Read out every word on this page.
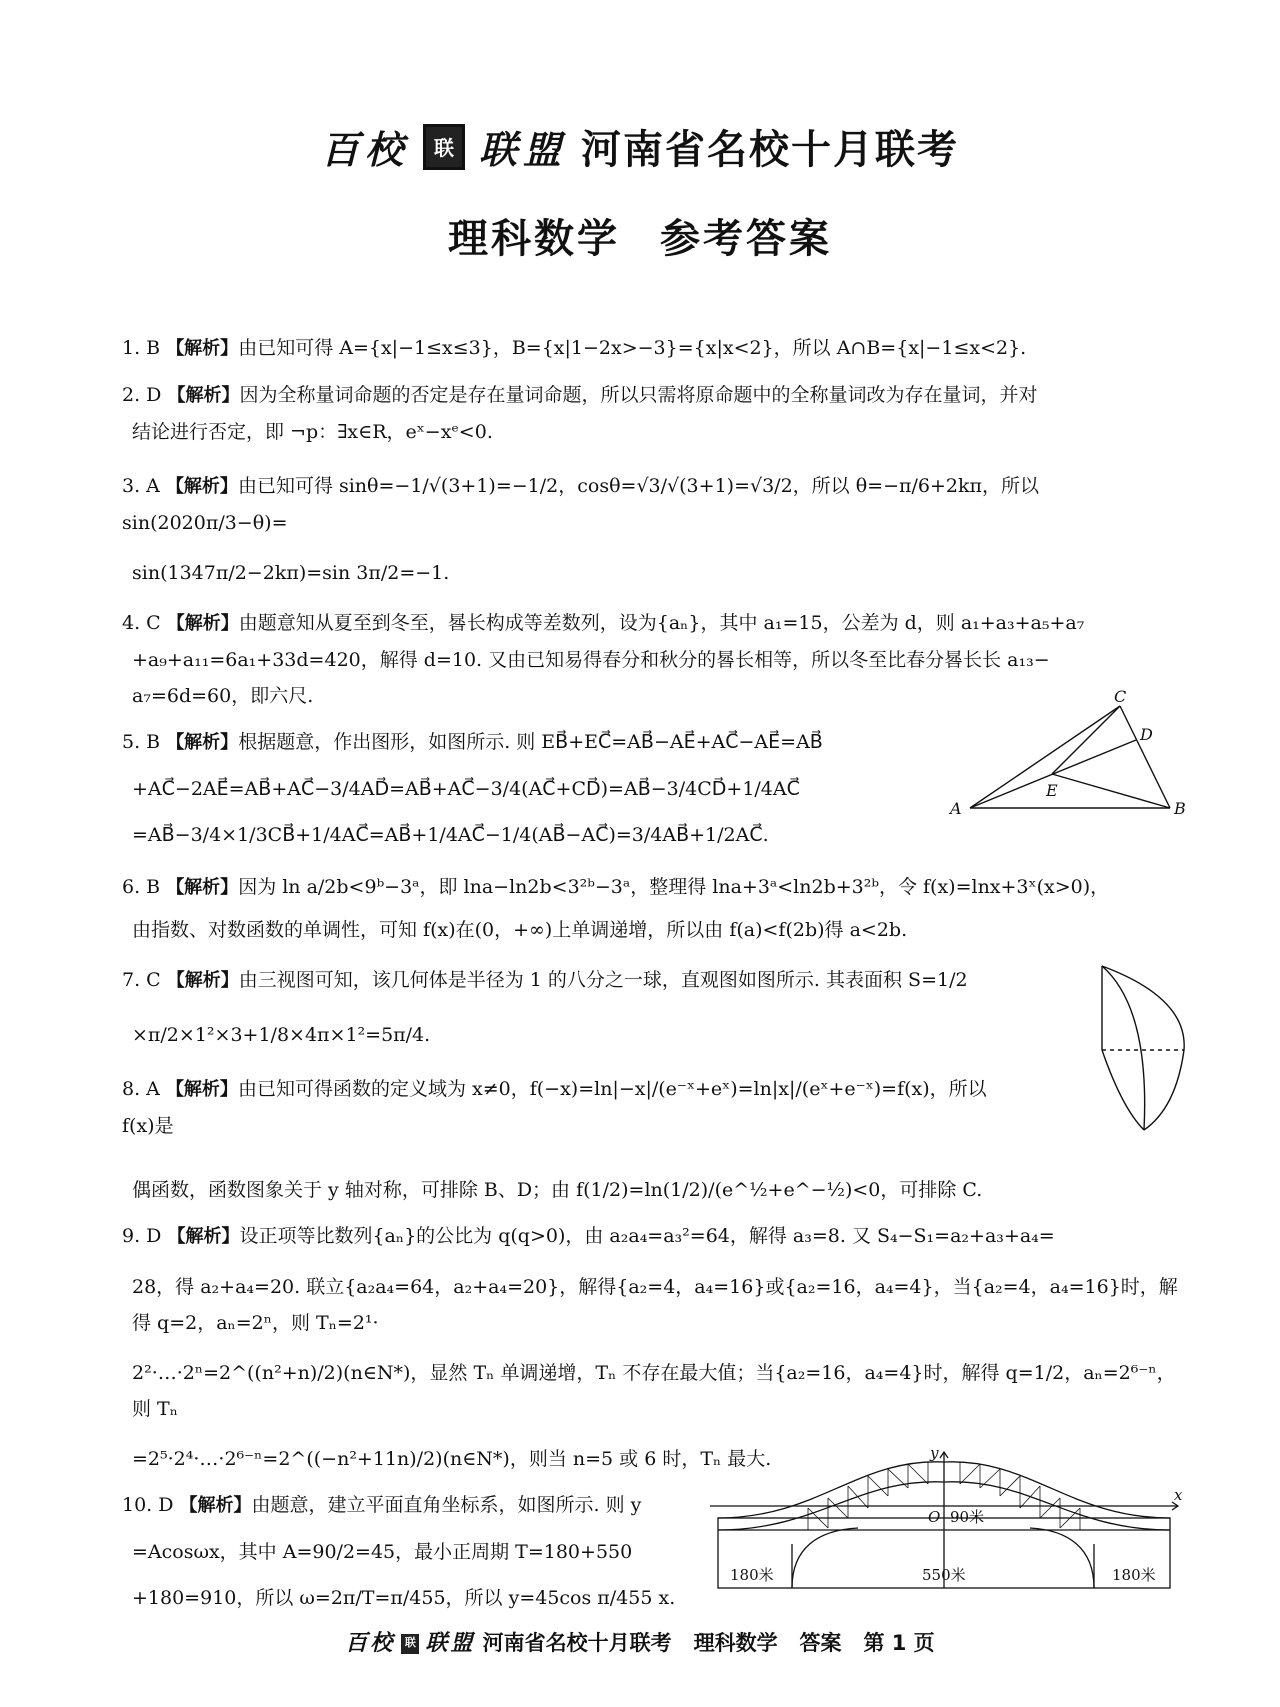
百校	联 联盟 河南省名校十月联考
理科数学 参考答案

1. B 【解析】由已知可得 A={x|−1≤x≤3}，B={x|1−2x>−3}={x|x<2}，所以 A∩B={x|−1≤x<2}.

2. D 【解析】因为全称量词命题的否定是存在量词命题，所以只需将原命题中的全称量词改为存在量词，并对

结论进行否定，即 ¬p：∃x∈R，eˣ−xᵉ<0.

3. A 【解析】由已知可得 sinθ=−1/√(3+1)=−1/2，cosθ=√3/√(3+1)=√3/2，所以 θ=−π/6+2kπ，所以 sin(2020π/3−θ)=

sin(1347π/2−2kπ)=sin 3π/2=−1.

4. C 【解析】由题意知从夏至到冬至，晷长构成等差数列，设为{aₙ}，其中 a₁=15，公差为 d，则 a₁+a₃+a₅+a₇

+a₉+a₁₁=6a₁+33d=420，解得 d=10. 又由已知易得春分和秋分的晷长相等，所以冬至比春分晷长长 a₁₃−

a₇=6d=60，即六尺.

5. B 【解析】根据题意，作出图形，如图所示. 则 EB⃗+EC⃗=AB⃗−AE⃗+AC⃗−AE⃗=AB⃗

+AC⃗−2AE⃗=AB⃗+AC⃗−3/4AD⃗=AB⃗+AC⃗−3/4(AC⃗+CD⃗)=AB⃗−3/4CD⃗+1/4AC⃗

=AB⃗−3/4×1/3CB⃗+1/4AC⃗=AB⃗+1/4AC⃗−1/4(AB⃗−AC⃗)=3/4AB⃗+1/2AC⃗.

6. B 【解析】因为 ln a/2b<9ᵇ−3ᵃ，即 lna−ln2b<3²ᵇ−3ᵃ，整理得 lna+3ᵃ<ln2b+3²ᵇ，令 f(x)=lnx+3ˣ(x>0)，

由指数、对数函数的单调性，可知 f(x)在(0，+∞)上单调递增，所以由 f(a)<f(2b)得 a<2b.

7. C 【解析】由三视图可知，该几何体是半径为 1 的八分之一球，直观图如图所示. 其表面积 S=1/2

×π/2×1²×3+1/8×4π×1²=5π/4.

8. A 【解析】由已知可得函数的定义域为 x≠0，f(−x)=ln|−x|/(e⁻ˣ+eˣ)=ln|x|/(eˣ+e⁻ˣ)=f(x)，所以 f(x)是

偶函数，函数图象关于 y 轴对称，可排除 B、D；由 f(1/2)=ln(1/2)/(e^½+e^−½)<0，可排除 C.

9. D 【解析】设正项等比数列{aₙ}的公比为 q(q>0)，由 a₂a₄=a₃²=64，解得 a₃=8. 又 S₄−S₁=a₂+a₃+a₄=

28，得 a₂+a₄=20. 联立{a₂a₄=64，a₂+a₄=20}，解得{a₂=4，a₄=16}或{a₂=16，a₄=4}，当{a₂=4，a₄=16}时，解得 q=2，aₙ=2ⁿ，则 Tₙ=2¹·

2²·…·2ⁿ=2^((n²+n)/2)(n∈N*)，显然 Tₙ 单调递增，Tₙ 不存在最大值；当{a₂=16，a₄=4}时，解得 q=1/2，aₙ=2⁶⁻ⁿ，则 Tₙ

=2⁵·2⁴·…·2⁶⁻ⁿ=2^((−n²+11n)/2)(n∈N*)，则当 n=5 或 6 时，Tₙ 最大.

10. D 【解析】由题意，建立平面直角坐标系，如图所示. 则 y

=Acosωx，其中 A=90/2=45，最小正周期 T=180+550

+180=910，所以 ω=2π/T=π/455，所以 y=45cos π/455 x.

C
D
E
A	B
y
x
O 90米
180米	550米	180米
百校 联 联盟 河南省名校十月联考 理科数学 答案 第 1 页
